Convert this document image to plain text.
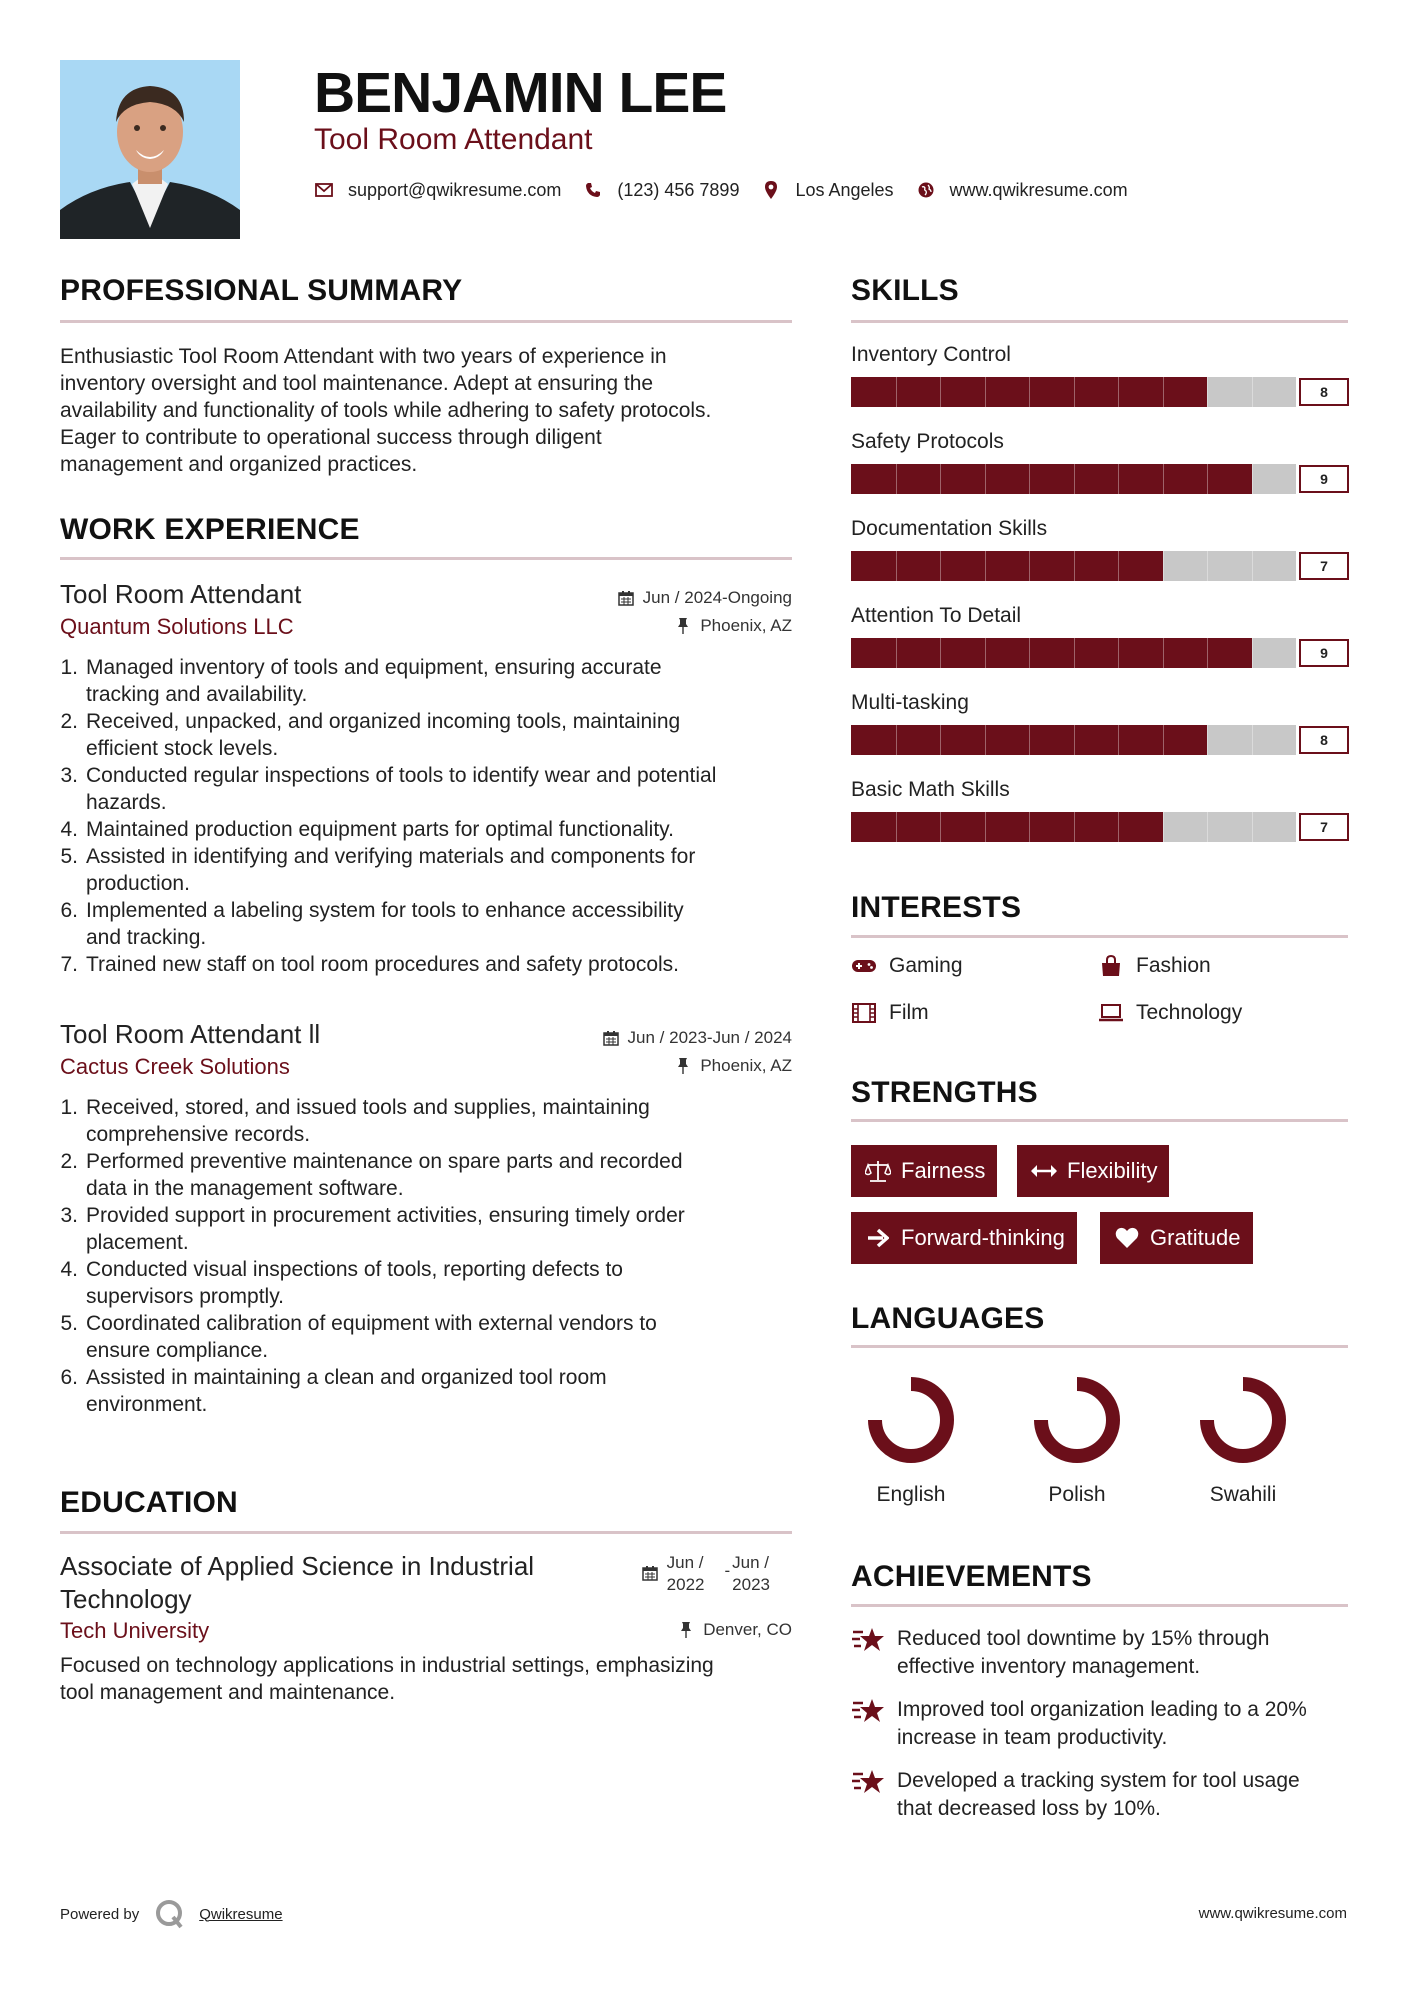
BENJAMIN LEE
Tool Room Attendant
support@qwikresume.com	(123) 456 7899	Los Angeles	www.qwikresume.com
PROFESSIONAL SUMMARY
Enthusiastic Tool Room Attendant with two years of experience in
inventory oversight and tool maintenance. Adept at ensuring the
availability and functionality of tools while adhering to safety protocols.
Eager to contribute to operational success through diligent
management and organized practices.
WORK EXPERIENCE
Tool Room Attendant	Jun / 2024-Ongoing
Quantum Solutions LLC	Phoenix, AZ
1. Managed inventory of tools and equipment, ensuring accurate
tracking and availability.
2. Received, unpacked, and organized incoming tools, maintaining
efficient stock levels.
3. Conducted regular inspections of tools to identify wear and potential
hazards.
4. Maintained production equipment parts for optimal functionality.
5. Assisted in identifying and verifying materials and components for
production.
6. Implemented a labeling system for tools to enhance accessibility
and tracking.
7. Trained new staff on tool room procedures and safety protocols.
Tool Room Attendant ll	Jun / 2023-Jun / 2024
Cactus Creek Solutions	Phoenix, AZ
1. Received, stored, and issued tools and supplies, maintaining
comprehensive records.
2. Performed preventive maintenance on spare parts and recorded
data in the management software.
3. Provided support in procurement activities, ensuring timely order
placement.
4. Conducted visual inspections of tools, reporting defects to
supervisors promptly.
5. Coordinated calibration of equipment with external vendors to
ensure compliance.
6. Assisted in maintaining a clean and organized tool room
environment.
EDUCATION
Associate of Applied Science in Industrial
Technology
Jun /
2022
- Jun /
2023
Tech University	Denver, CO
Focused on technology applications in industrial settings, emphasizing
tool management and maintenance.
SKILLS
Inventory Control
8
Safety Protocols
9
Documentation Skills
7
Attention To Detail
9
Multi-tasking
8
Basic Math Skills
7
INTERESTS
Gaming	Fashion
Film	Technology
STRENGTHS
Fairness	Flexibility
Forward-thinking	Gratitude
LANGUAGES
English	Polish	Swahili
ACHIEVEMENTS
Reduced tool downtime by 15% through
effective inventory management.
Improved tool organization leading to a 20%
increase in team productivity.
Developed a tracking system for tool usage
that decreased loss by 10%.
Powered by	Qwikresume	www.qwikresume.com
